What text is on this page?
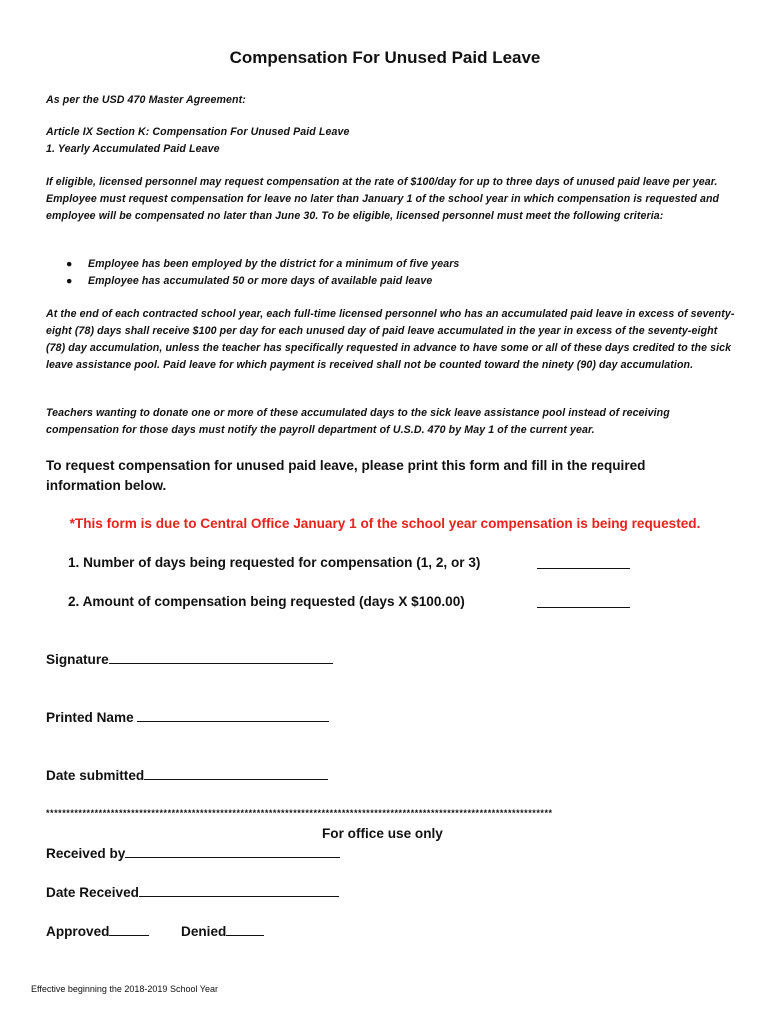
Compensation For Unused Paid Leave
As per the USD 470 Master Agreement:
Article IX Section K: Compensation For Unused Paid Leave
1. Yearly Accumulated Paid Leave
If eligible, licensed personnel may request compensation at the rate of $100/day for up to three days of unused paid leave per year. Employee must request compensation for leave no later than January 1 of the school year in which compensation is requested and employee will be compensated no later than June 30. To be eligible, licensed personnel must meet the following criteria:
● Employee has been employed by the district for a minimum of five years
● Employee has accumulated 50 or more days of available paid leave
At the end of each contracted school year, each full-time licensed personnel who has an accumulated paid leave in excess of seventy-eight (78) days shall receive $100 per day for each unused day of paid leave accumulated in the year in excess of the seventy-eight (78) day accumulation, unless the teacher has specifically requested in advance to have some or all of these days credited to the sick leave assistance pool. Paid leave for which payment is received shall not be counted toward the ninety (90) day accumulation.
Teachers wanting to donate one or more of these accumulated days to the sick leave assistance pool instead of receiving compensation for those days must notify the payroll department of U.S.D. 470 by May 1 of the current year.
To request compensation for unused paid leave, please print this form and fill in the required information below.
*This form is due to Central Office January 1 of the school year compensation is being requested.
1. Number of days being requested for compensation (1, 2, or 3)
2. Amount of compensation being requested (days X $100.00)
Signature
Printed Name
Date submitted
*****************************************************************************************************************************
For office use only
Received by
Date Received
Approved	Denied
Effective beginning the 2018-2019 School Year
